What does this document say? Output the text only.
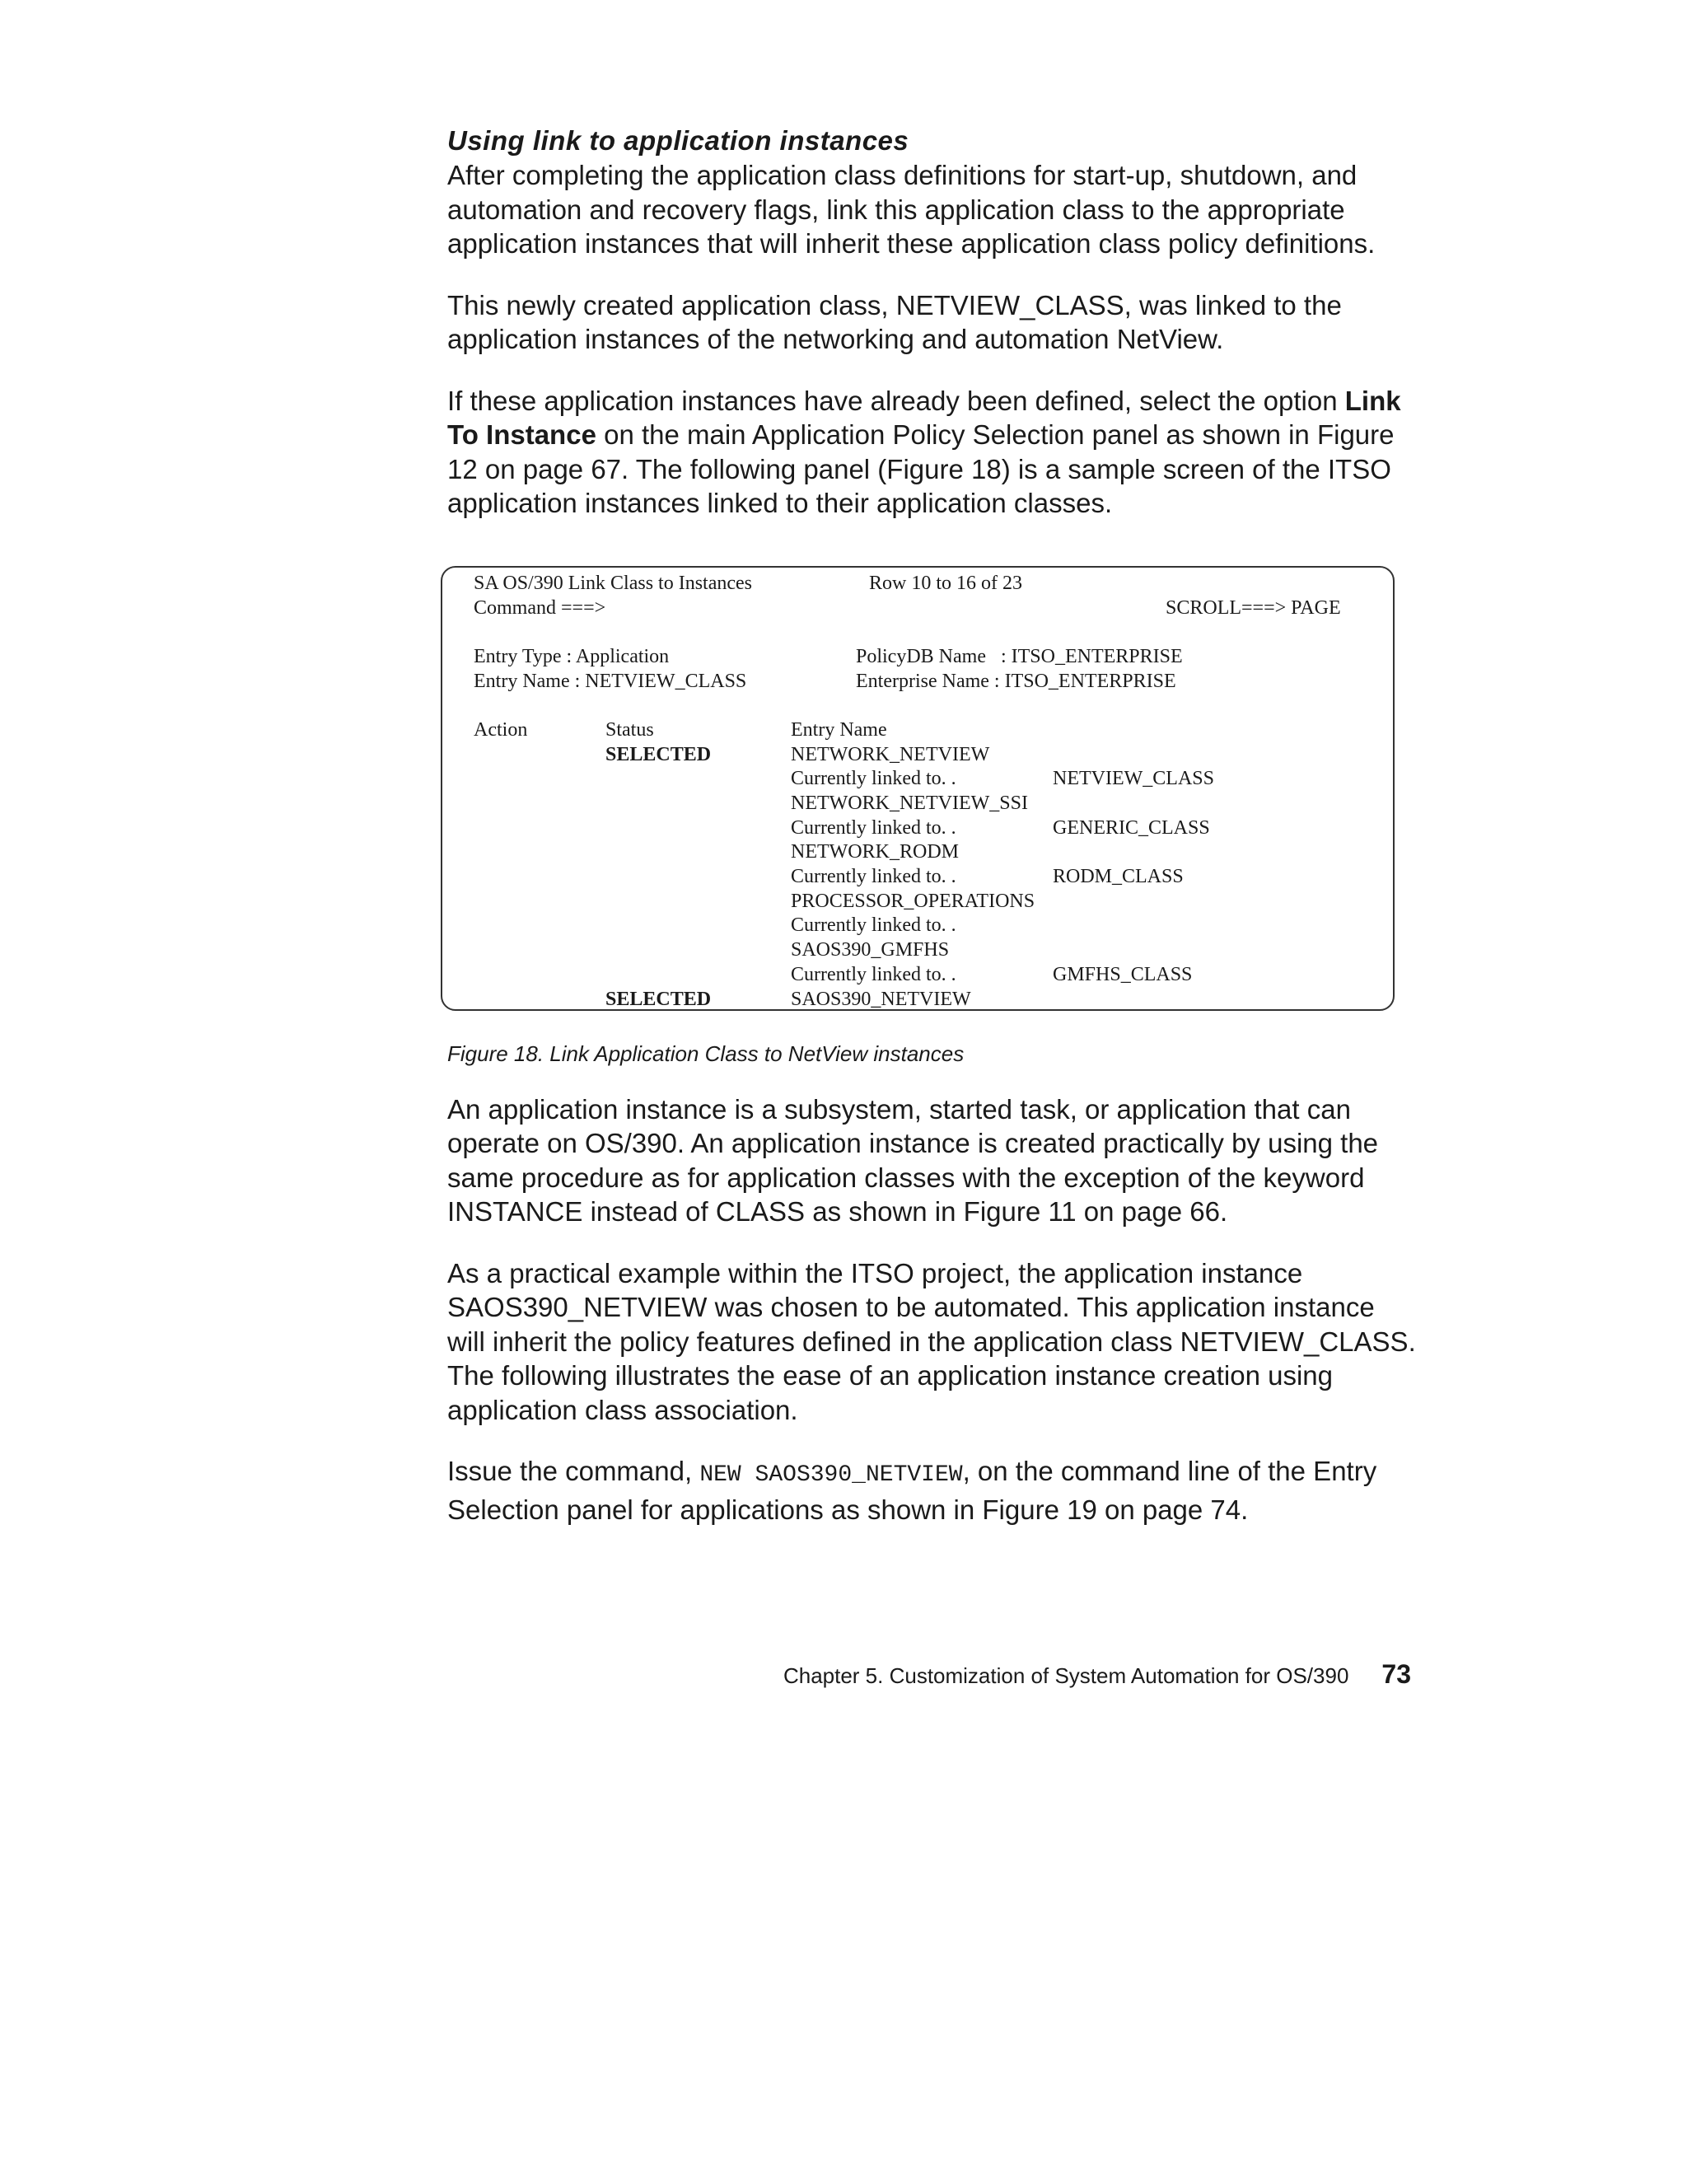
Using link to application instances

After completing the application class definitions for start-up, shutdown, and automation and recovery flags, link this application class to the appropriate application instances that will inherit these application class policy definitions.

This newly created application class, NETVIEW_CLASS, was linked to the application instances of the networking and automation NetView.

If these application instances have already been defined, select the option Link To Instance on the main Application Policy Selection panel as shown in Figure 12 on page 67. The following panel (Figure 18) is a sample screen of the ITSO application instances linked to their application classes.

SA OS/390 Link Class to Instances	Row 10 to 16 of 23
Command ===>	SCROLL===> PAGE
Entry Type : Application	PolicyDB Name   : ITSO_ENTERPRISE
Entry Name : NETVIEW_CLASS	Enterprise Name : ITSO_ENTERPRISE
Action	Status	Entry Name
SELECTED	NETWORK_NETVIEW
Currently linked to. .	NETVIEW_CLASS
NETWORK_NETVIEW_SSI
Currently linked to. .	GENERIC_CLASS
NETWORK_RODM
Currently linked to. .	RODM_CLASS
PROCESSOR_OPERATIONS
Currently linked to. .
SAOS390_GMFHS
Currently linked to. .	GMFHS_CLASS
SELECTED	SAOS390_NETVIEW

Figure 18. Link Application Class to NetView instances

An application instance is a subsystem, started task, or application that can operate on OS/390. An application instance is created practically by using the same procedure as for application classes with the exception of the keyword INSTANCE instead of CLASS as shown in Figure 11 on page 66.

As a practical example within the ITSO project, the application instance SAOS390_NETVIEW was chosen to be automated. This application instance will inherit the policy features defined in the application class NETVIEW_CLASS. The following illustrates the ease of an application instance creation using application class association.

Issue the command, NEW SAOS390_NETVIEW, on the command line of the Entry Selection panel for applications as shown in Figure 19 on page 74.

Chapter 5. Customization of System Automation for OS/390 73
